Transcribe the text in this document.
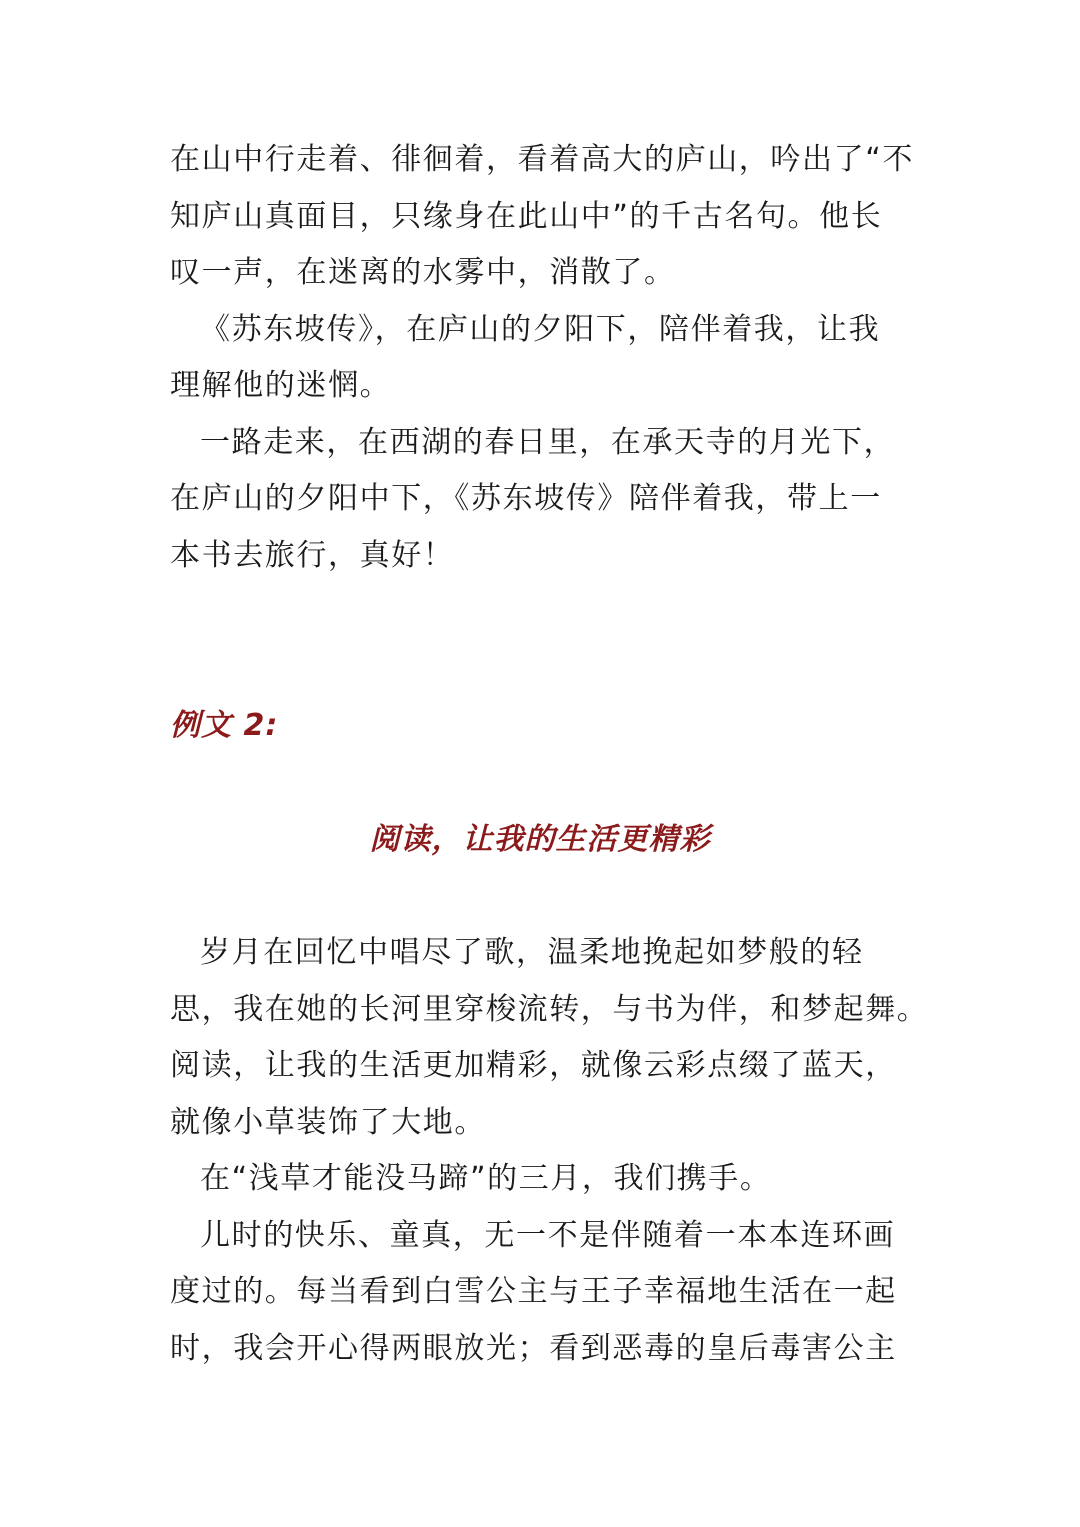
在山中行走着、徘徊着，看着高大的庐山，吟出了“不
知庐山真面目，只缘身在此山中”的千古名句。他长
叹一声，在迷离的水雾中，消散了。
《苏东坡传》，在庐山的夕阳下，陪伴着我，让我
理解他的迷惘。
一路走来，在西湖的春日里，在承天寺的月光下，
在庐山的夕阳中下，《苏东坡传》陪伴着我，带上一
本书去旅行，真好！
例文 2:
阅读，让我的生活更精彩
岁月在回忆中唱尽了歌，温柔地挽起如梦般的轻
思，我在她的长河里穿梭流转，与书为伴，和梦起舞。
阅读，让我的生活更加精彩，就像云彩点缀了蓝天，
就像小草装饰了大地。
在“浅草才能没马蹄”的三月，我们携手。
儿时的快乐、童真，无一不是伴随着一本本连环画
度过的。每当看到白雪公主与王子幸福地生活在一起
时，我会开心得两眼放光；看到恶毒的皇后毒害公主
